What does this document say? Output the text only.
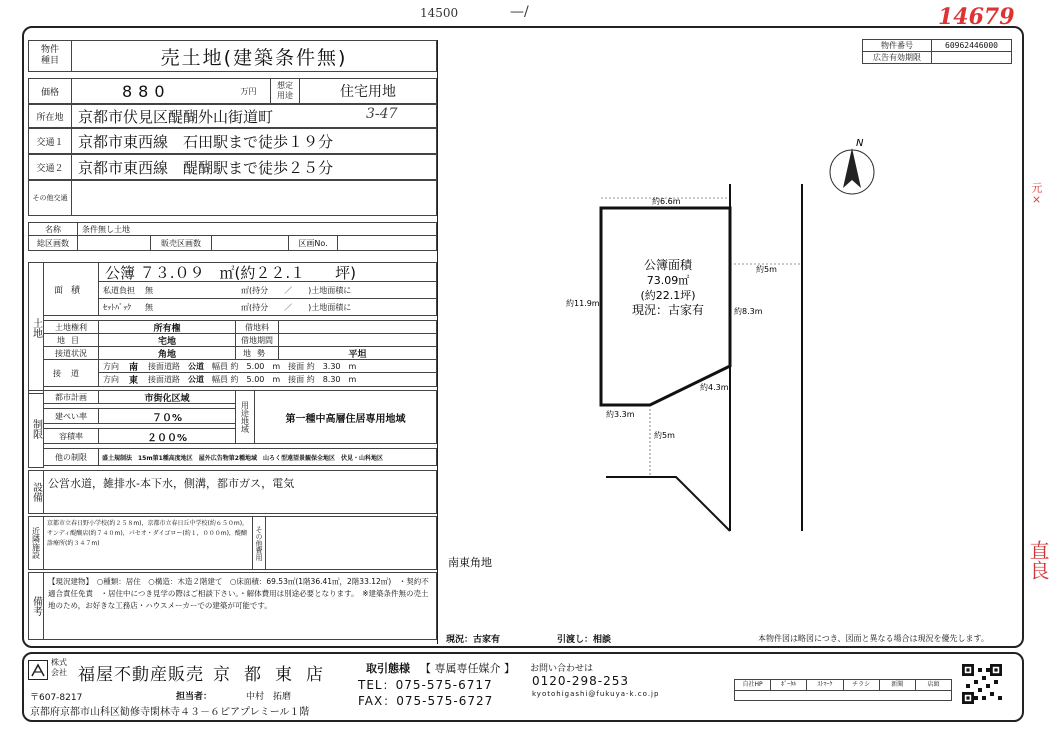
14500	—/	14679
元×
直良
物件
種目	売土地(建築条件無)
価格	880	万円
想定
用途	住宅用地
所在地 京都市伏見区醍醐外山街道町	3-47
交通１ 京都市東西線　石田駅まで徒歩１９分
交通２ 京都市東西線　醍醐駅まで徒歩２５分
その他交通
名称	条件無し土地
総区画数	販売区画数	区画No.
土地
面積
公簿 ７３.０９　㎡(約２２.１　　坪)
私道負担 無	㎡(持分　　／　　)土地面積に
ｾｯﾄﾊﾞｯｸ 無	㎡(持分　　／　　)土地面積に
土地権利	所有権	借地料
地目	宅地	借地期間
接道状況	角地	地勢	平坦
接道
方向 南 接面道路 公道 幅員 約　5.00　m　接面 約　3.30　m
方向 東 接面道路 公道 幅員 約　5.00　m　接面 約　8.30　m
制限
都市計画	市街化区域
建ぺい率	７０%
容積率	２００%
用途地域	第一種中高層住居専用地域
他の制限	盛土規制法　15m第1種高度地区　屋外広告物第2種地域　山ろく型遠望景観保全地区　伏見・山科地区
設備 公営水道，雑排水-本下水，側溝，都市ガス，電気
近隣施設
京都市立春日野小学校(約２５８m)，京都市立春日丘中学校(約６５０m)，サンディ醍醐店(約７４０m)，パセオ・ダイゴロー(約１，０００m)，醍醐診療所(約３４７m)	その他費用
備考
【現況建物】　○種類：居住　○構造：木造２階建て　○床面積：69.53㎡(1階36.41㎡，2階33.12㎡)　・契約不適合責任免責　・居住中につき見学の際はご相談下さい。・解体費用は別途必要となります。　※建築条件無の売土地のため，お好きな工務店・ハウスメーカーでの建築が可能です。
物件番号	60962446000
広告有効期限
N
約6.6m
約11.9m
約8.3m
約4.3m
約3.3m
約5m
約5m
公簿面積
73.09㎡
(約22.1坪)
現況：古家有
南東角地
現況：古家有	引渡し：相談	本物件図は略図につき、図面と異なる場合は現況を優先します。
株式
会社 福屋不動産販売 京都東店
〒607-8217
京都府京都市山科区勧修寺閑林寺４３－６ピアプレミール１階
担当者：	中村　拓磨
取引態様 【 専属専任媒介 】
TEL：075-575-6717
FAX：075-575-6727
お問い合わせは
0120-298-253
kyotohigashi@fukuya-k.co.jp
自社HP	ﾎﾟｰﾀﾙ	ｽﾄﾏｰｸ	チラシ	新聞	店頭
